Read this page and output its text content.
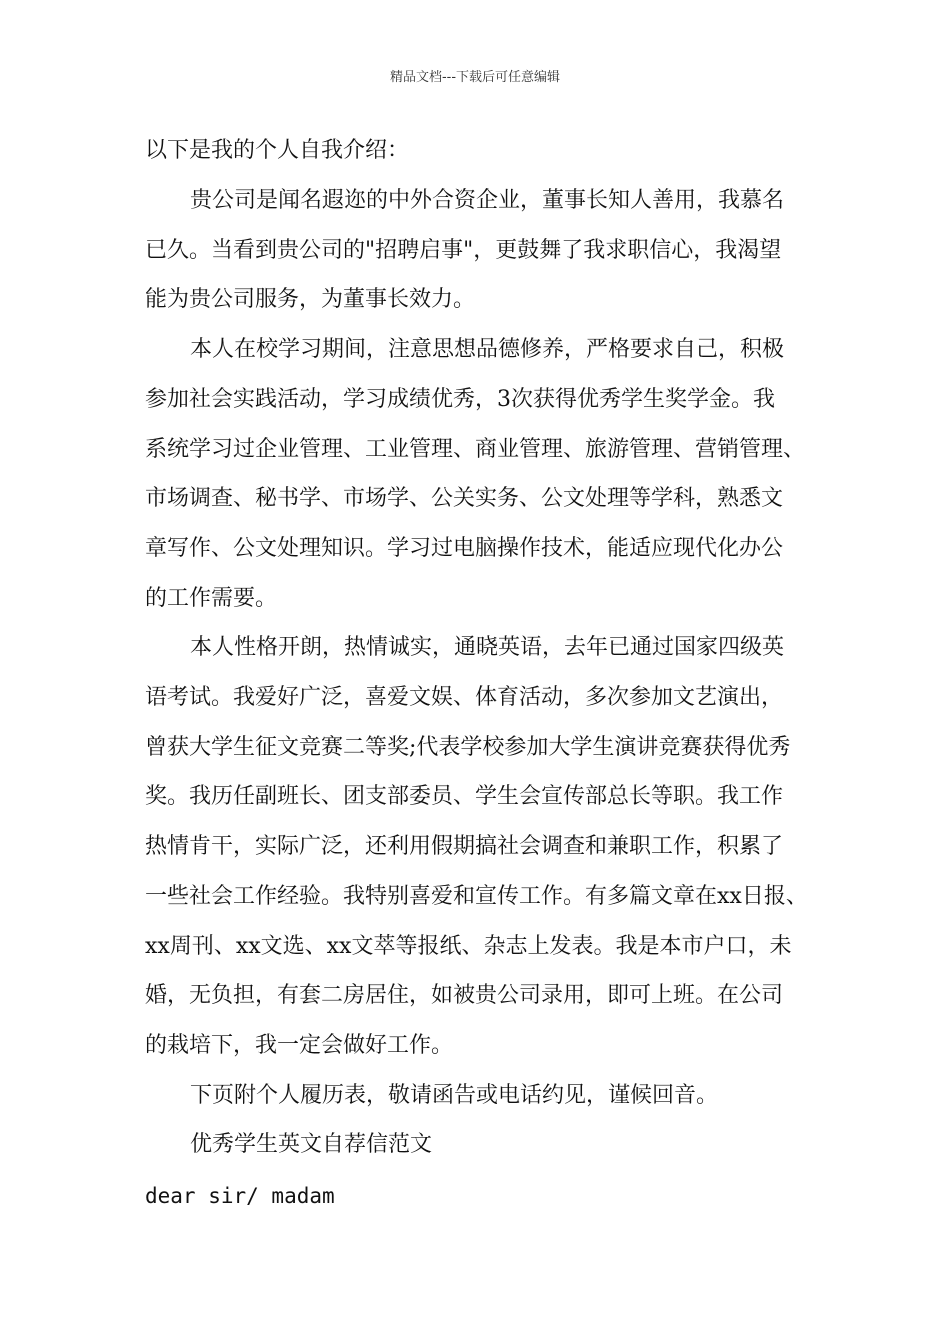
精品文档---下载后可任意编辑
以下是我的个人自我介绍：
贵公司是闻名遐迩的中外合资企业，董事长知人善用，我慕名
已久。当看到贵公司的"招聘启事"，更鼓舞了我求职信心，我渴望
能为贵公司服务，为董事长效力。
本人在校学习期间，注意思想品德修养，严格要求自己，积极
参加社会实践活动，学习成绩优秀，3次获得优秀学生奖学金。我
系统学习过企业管理、工业管理、商业管理、旅游管理、营销管理、
市场调查、秘书学、市场学、公关实务、公文处理等学科，熟悉文
章写作、公文处理知识。学习过电脑操作技术，能适应现代化办公
的工作需要。
本人性格开朗，热情诚实，通晓英语，去年已通过国家四级英
语考试。我爱好广泛，喜爱文娱、体育活动，多次参加文艺演出，
曾获大学生征文竞赛二等奖;代表学校参加大学生演讲竞赛获得优秀
奖。我历任副班长、团支部委员、学生会宣传部总长等职。我工作
热情肯干，实际广泛，还利用假期搞社会调查和兼职工作，积累了
一些社会工作经验。我特别喜爱和宣传工作。有多篇文章在xx日报、
xx周刊、xx文选、xx文萃等报纸、杂志上发表。我是本市户口，未
婚，无负担，有套二房居住，如被贵公司录用，即可上班。在公司
的栽培下，我一定会做好工作。
下页附个人履历表，敬请函告或电话约见，谨候回音。
优秀学生英文自荐信范文
dear sir/ madam
